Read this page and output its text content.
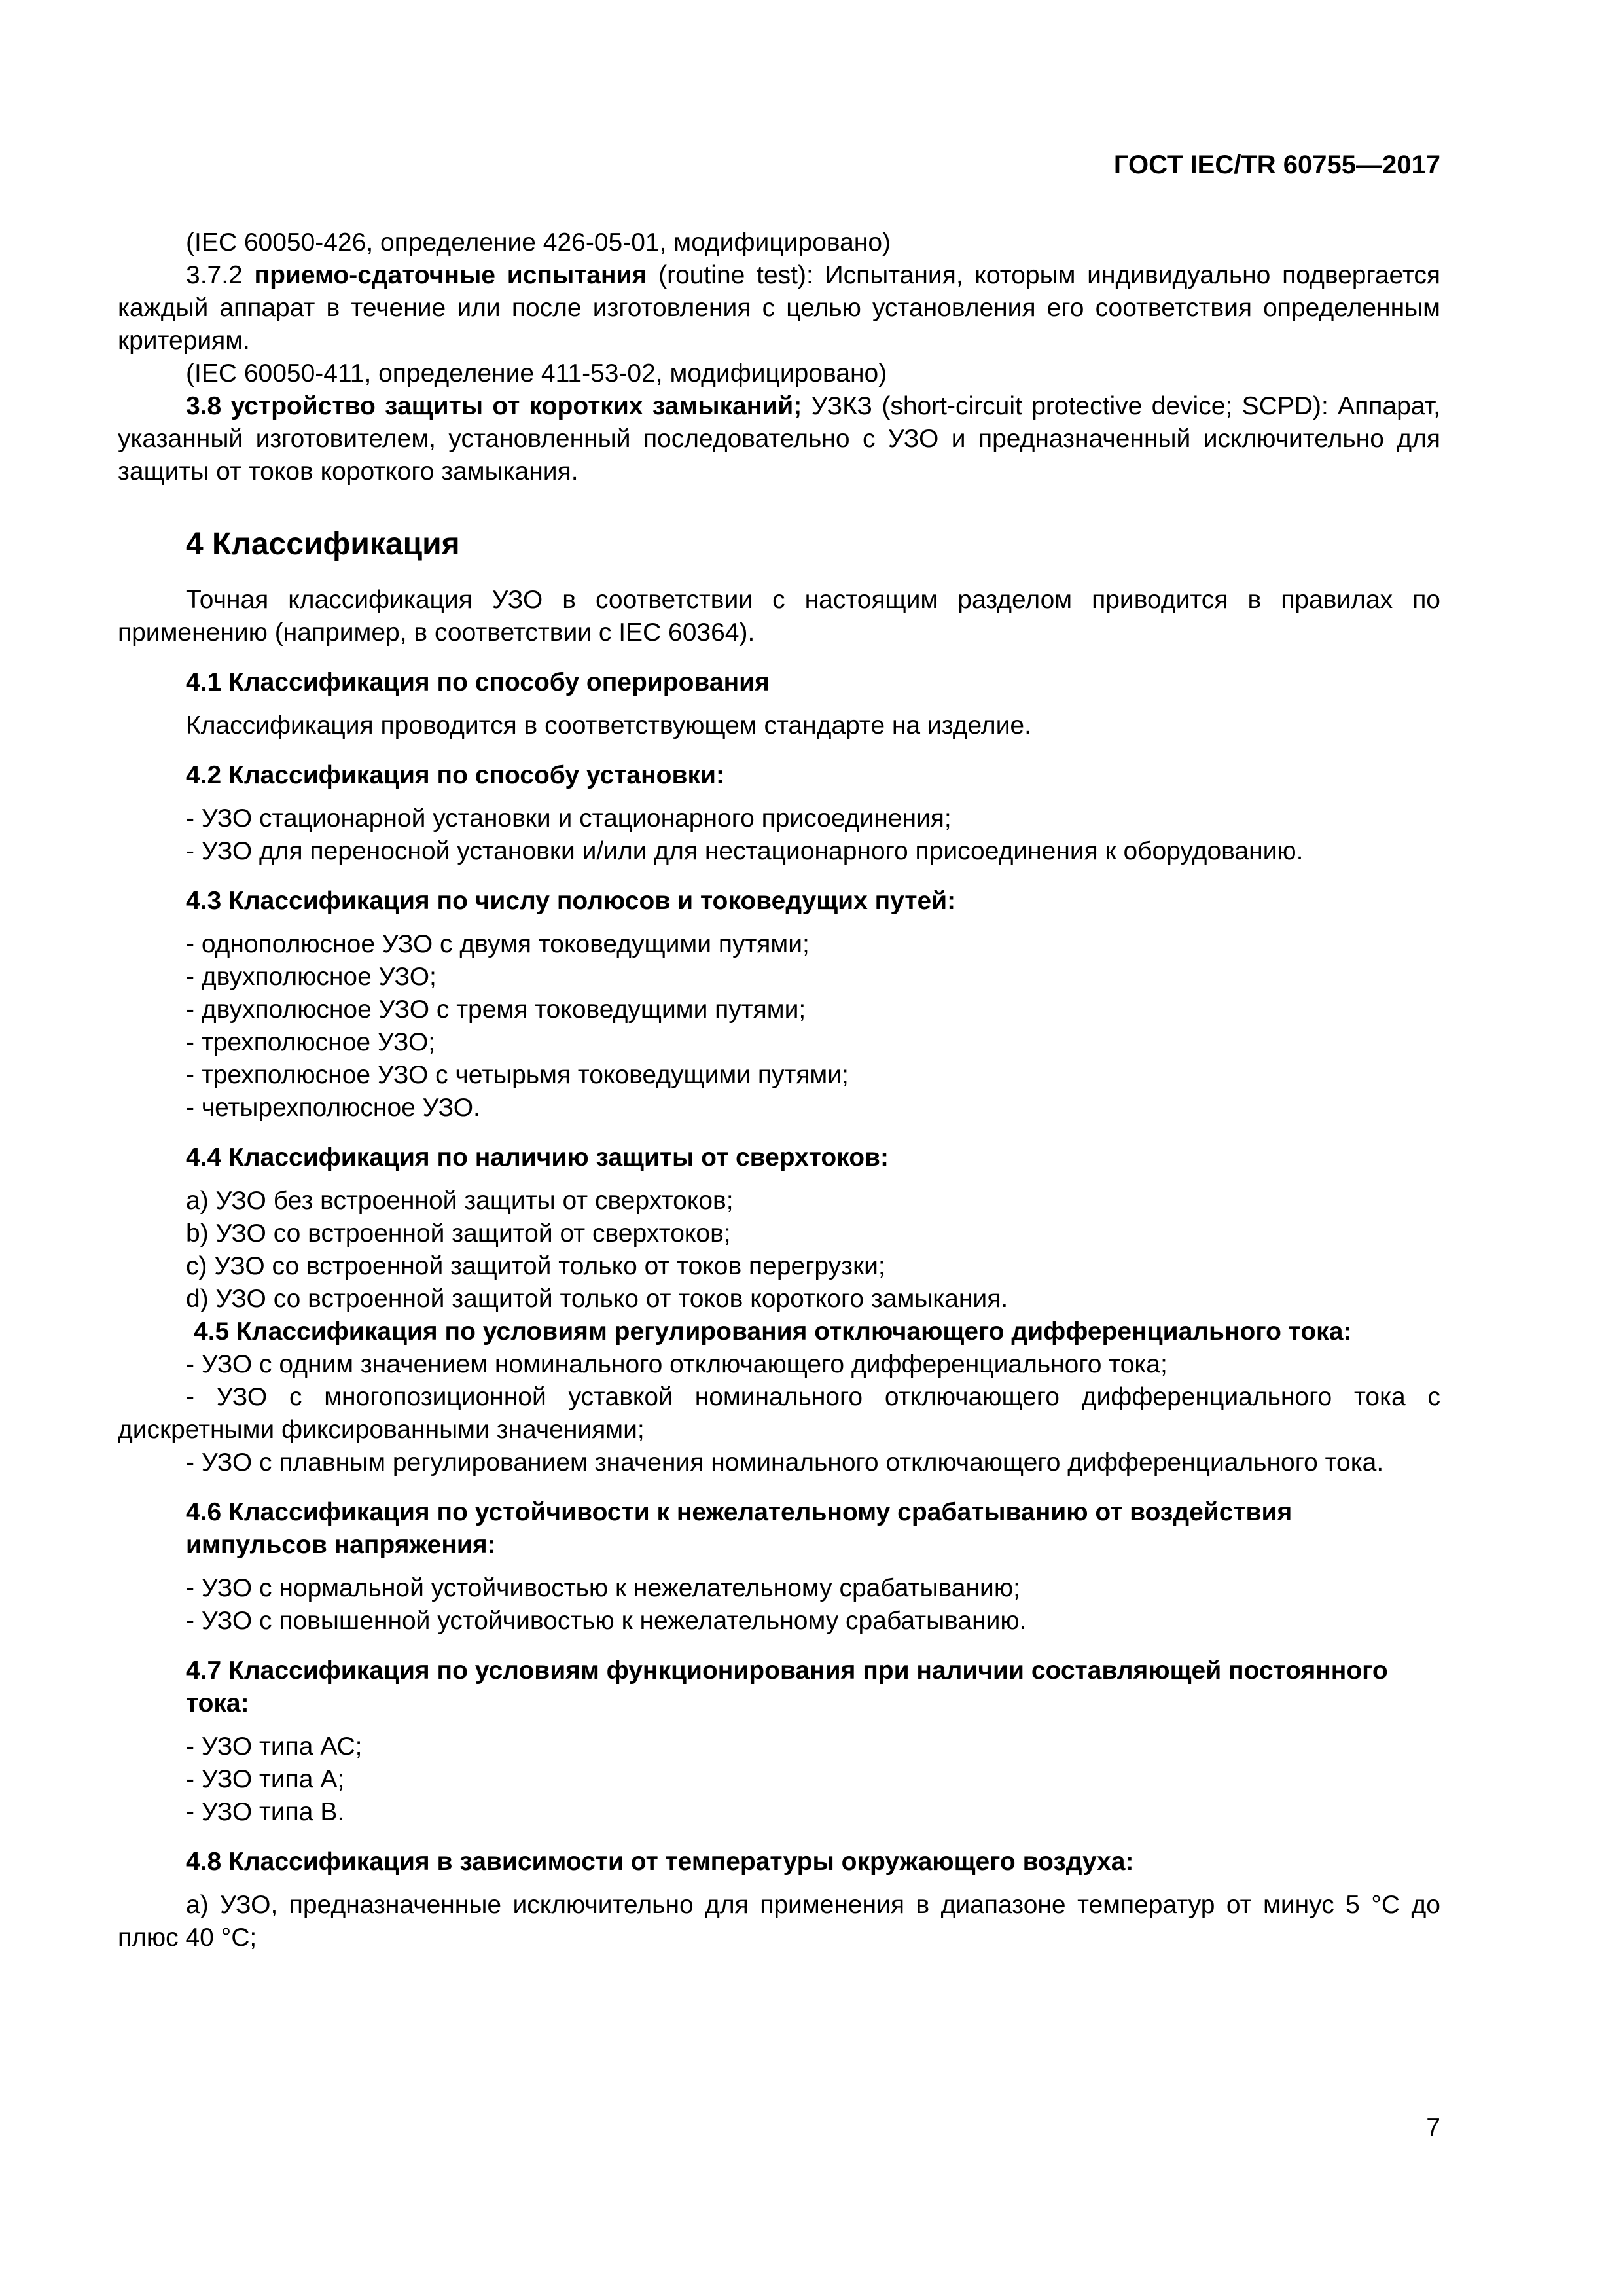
ГОСТ IEC/TR 60755—2017

(IEC 60050-426, определение 426-05-01, модифицировано)

3.7.2 приемо-сдаточные испытания (routine test): Испытания, которым индивидуально подвергается каждый аппарат в течение или после изготовления с целью установления его соответствия определенным критериям.

(IEC 60050-411, определение 411-53-02, модифицировано)

3.8 устройство защиты от коротких замыканий; УЗКЗ (short-circuit protective device; SCPD): Аппарат, указанный изготовителем, установленный последовательно с УЗО и предназначенный исключительно для защиты от токов короткого замыкания.

4 Классификация

Точная классификация УЗО в соответствии с настоящим разделом приводится в правилах по применению (например, в соответствии с IEC 60364).

4.1 Классификация по способу оперирования

Классификация проводится в соответствующем стандарте на изделие.

4.2 Классификация по способу установки:

- УЗО стационарной установки и стационарного присоединения;

- УЗО для переносной установки и/или для нестационарного присоединения к оборудованию.

4.3 Классификация по числу полюсов и токоведущих путей:

- однополюсное УЗО с двумя токоведущими путями;

- двухполюсное УЗО;

- двухполюсное УЗО с тремя токоведущими путями;

- трехполюсное УЗО;

- трехполюсное УЗО с четырьмя токоведущими путями;

- четырехполюсное УЗО.

4.4 Классификация по наличию защиты от сверхтоков:

a) УЗО без встроенной защиты от сверхтоков;

b) УЗО со встроенной защитой от сверхтоков;

c) УЗО со встроенной защитой только от токов перегрузки;

d) УЗО со встроенной защитой только от токов короткого замыкания.

4.5 Классификация по условиям регулирования отключающего дифференциального тока:

- УЗО с одним значением номинального отключающего дифференциального тока;

- УЗО с многопозиционной уставкой номинального отключающего дифференциального тока с дискретными фиксированными значениями;

- УЗО с плавным регулированием значения номинального отключающего дифференциального тока.

4.6 Классификация по устойчивости к нежелательному срабатыванию от воздействия импульсов напряжения:

- УЗО с нормальной устойчивостью к нежелательному срабатыванию;

- УЗО с повышенной устойчивостью к нежелательному срабатыванию.

4.7 Классификация по условиям функционирования при наличии составляющей постоянного тока:

- УЗО типа АС;

- УЗО типа А;

- УЗО типа В.

4.8 Классификация в зависимости от температуры окружающего воздуха:

а) УЗО, предназначенные исключительно для применения в диапазоне температур от минус 5 °С до плюс 40 °С;

7
